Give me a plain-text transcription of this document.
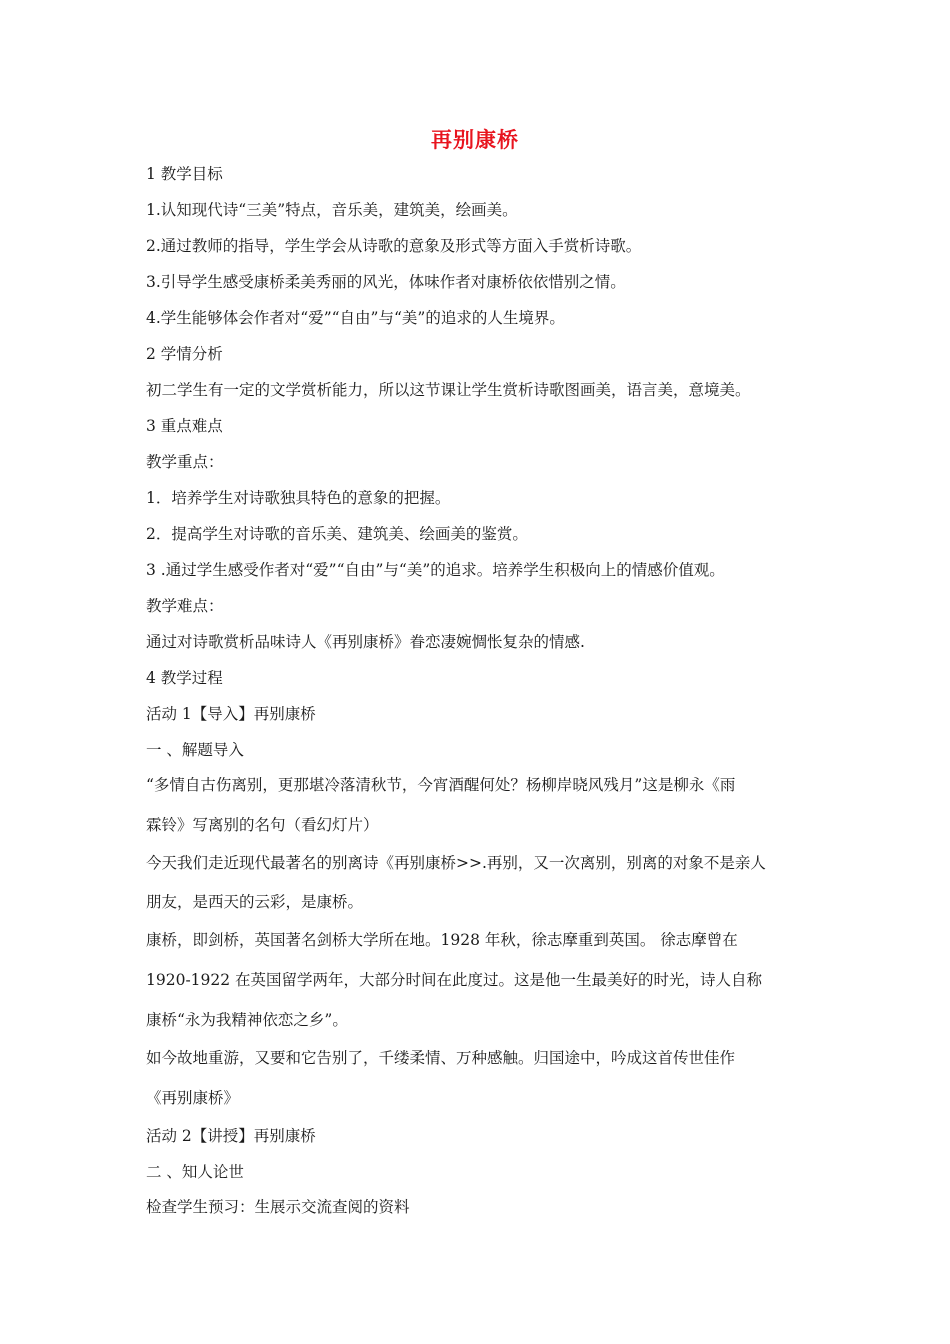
再别康桥
1 教学目标
1.认知现代诗“三美”特点，音乐美，建筑美，绘画美。
2.通过教师的指导，学生学会从诗歌的意象及形式等方面入手赏析诗歌。
3.引导学生感受康桥柔美秀丽的风光，体味作者对康桥依依惜别之情。
4.学生能够体会作者对“爱”“自由”与“美”的追求的人生境界。
2 学情分析
初二学生有一定的文学赏析能力，所以这节课让学生赏析诗歌图画美，语言美，意境美。
3 重点难点
教学重点：
1．培养学生对诗歌独具特色的意象的把握。
2．提高学生对诗歌的音乐美、建筑美、绘画美的鉴赏。
3 .通过学生感受作者对“爱”“自由”与“美”的追求。培养学生积极向上的情感价值观。
教学难点：
通过对诗歌赏析品味诗人《再别康桥》眷恋凄婉惆怅复杂的情感.
4 教学过程
活动 1【导入】再别康桥
一 、解题导入
“多情自古伤离别，更那堪冷落清秋节，今宵酒醒何处？杨柳岸晓风残月”这是柳永《雨
霖铃》写离别的名句（看幻灯片）
今天我们走近现代最著名的别离诗《再别康桥>>.再别，又一次离别，别离的对象不是亲人
朋友，是西天的云彩，是康桥。
康桥，即剑桥，英国著名剑桥大学所在地。1928 年秋，徐志摩重到英国。 徐志摩曾在
1920-1922 在英国留学两年，大部分时间在此度过。这是他一生最美好的时光，诗人自称
康桥“永为我精神依恋之乡”。
如今故地重游，又要和它告别了，千缕柔情、万种感触。归国途中，吟成这首传世佳作
《再别康桥》
活动 2【讲授】再别康桥
二 、知人论世
检查学生预习：生展示交流查阅的资料
